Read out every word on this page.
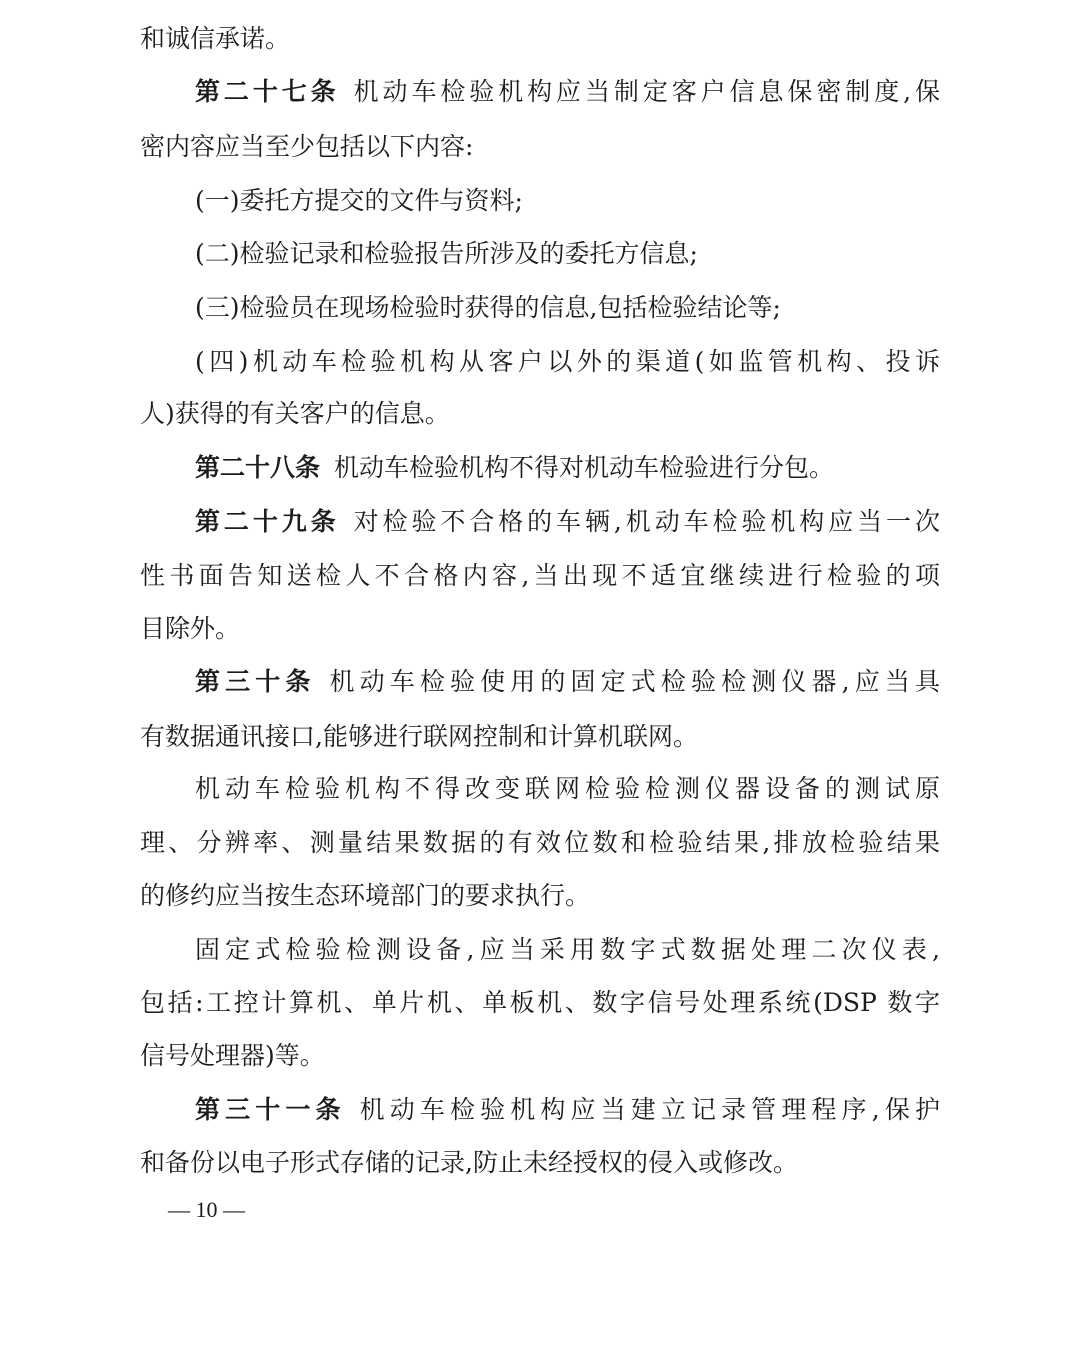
和诚信承诺。
第二十七条 机动车检验机构应当制定客户信息保密制度,保
密内容应当至少包括以下内容:
(一)委托方提交的文件与资料;
(二)检验记录和检验报告所涉及的委托方信息;
(三)检验员在现场检验时获得的信息,包括检验结论等;
(四)机动车检验机构从客户以外的渠道(如监管机构、投诉
人)获得的有关客户的信息。
第二十八条 机动车检验机构不得对机动车检验进行分包。
第二十九条 对检验不合格的车辆,机动车检验机构应当一次
性书面告知送检人不合格内容,当出现不适宜继续进行检验的项
目除外。
第三十条 机动车检验使用的固定式检验检测仪器,应当具
有数据通讯接口,能够进行联网控制和计算机联网。
机动车检验机构不得改变联网检验检测仪器设备的测试原
理、分辨率、测量结果数据的有效位数和检验结果,排放检验结果
的修约应当按生态环境部门的要求执行。
固定式检验检测设备,应当采用数字式数据处理二次仪表,
包括:工控计算机、单片机、单板机、数字信号处理系统(DSP 数字
信号处理器)等。
第三十一条 机动车检验机构应当建立记录管理程序,保护
和备份以电子形式存储的记录,防止未经授权的侵入或修改。
— 10 —
